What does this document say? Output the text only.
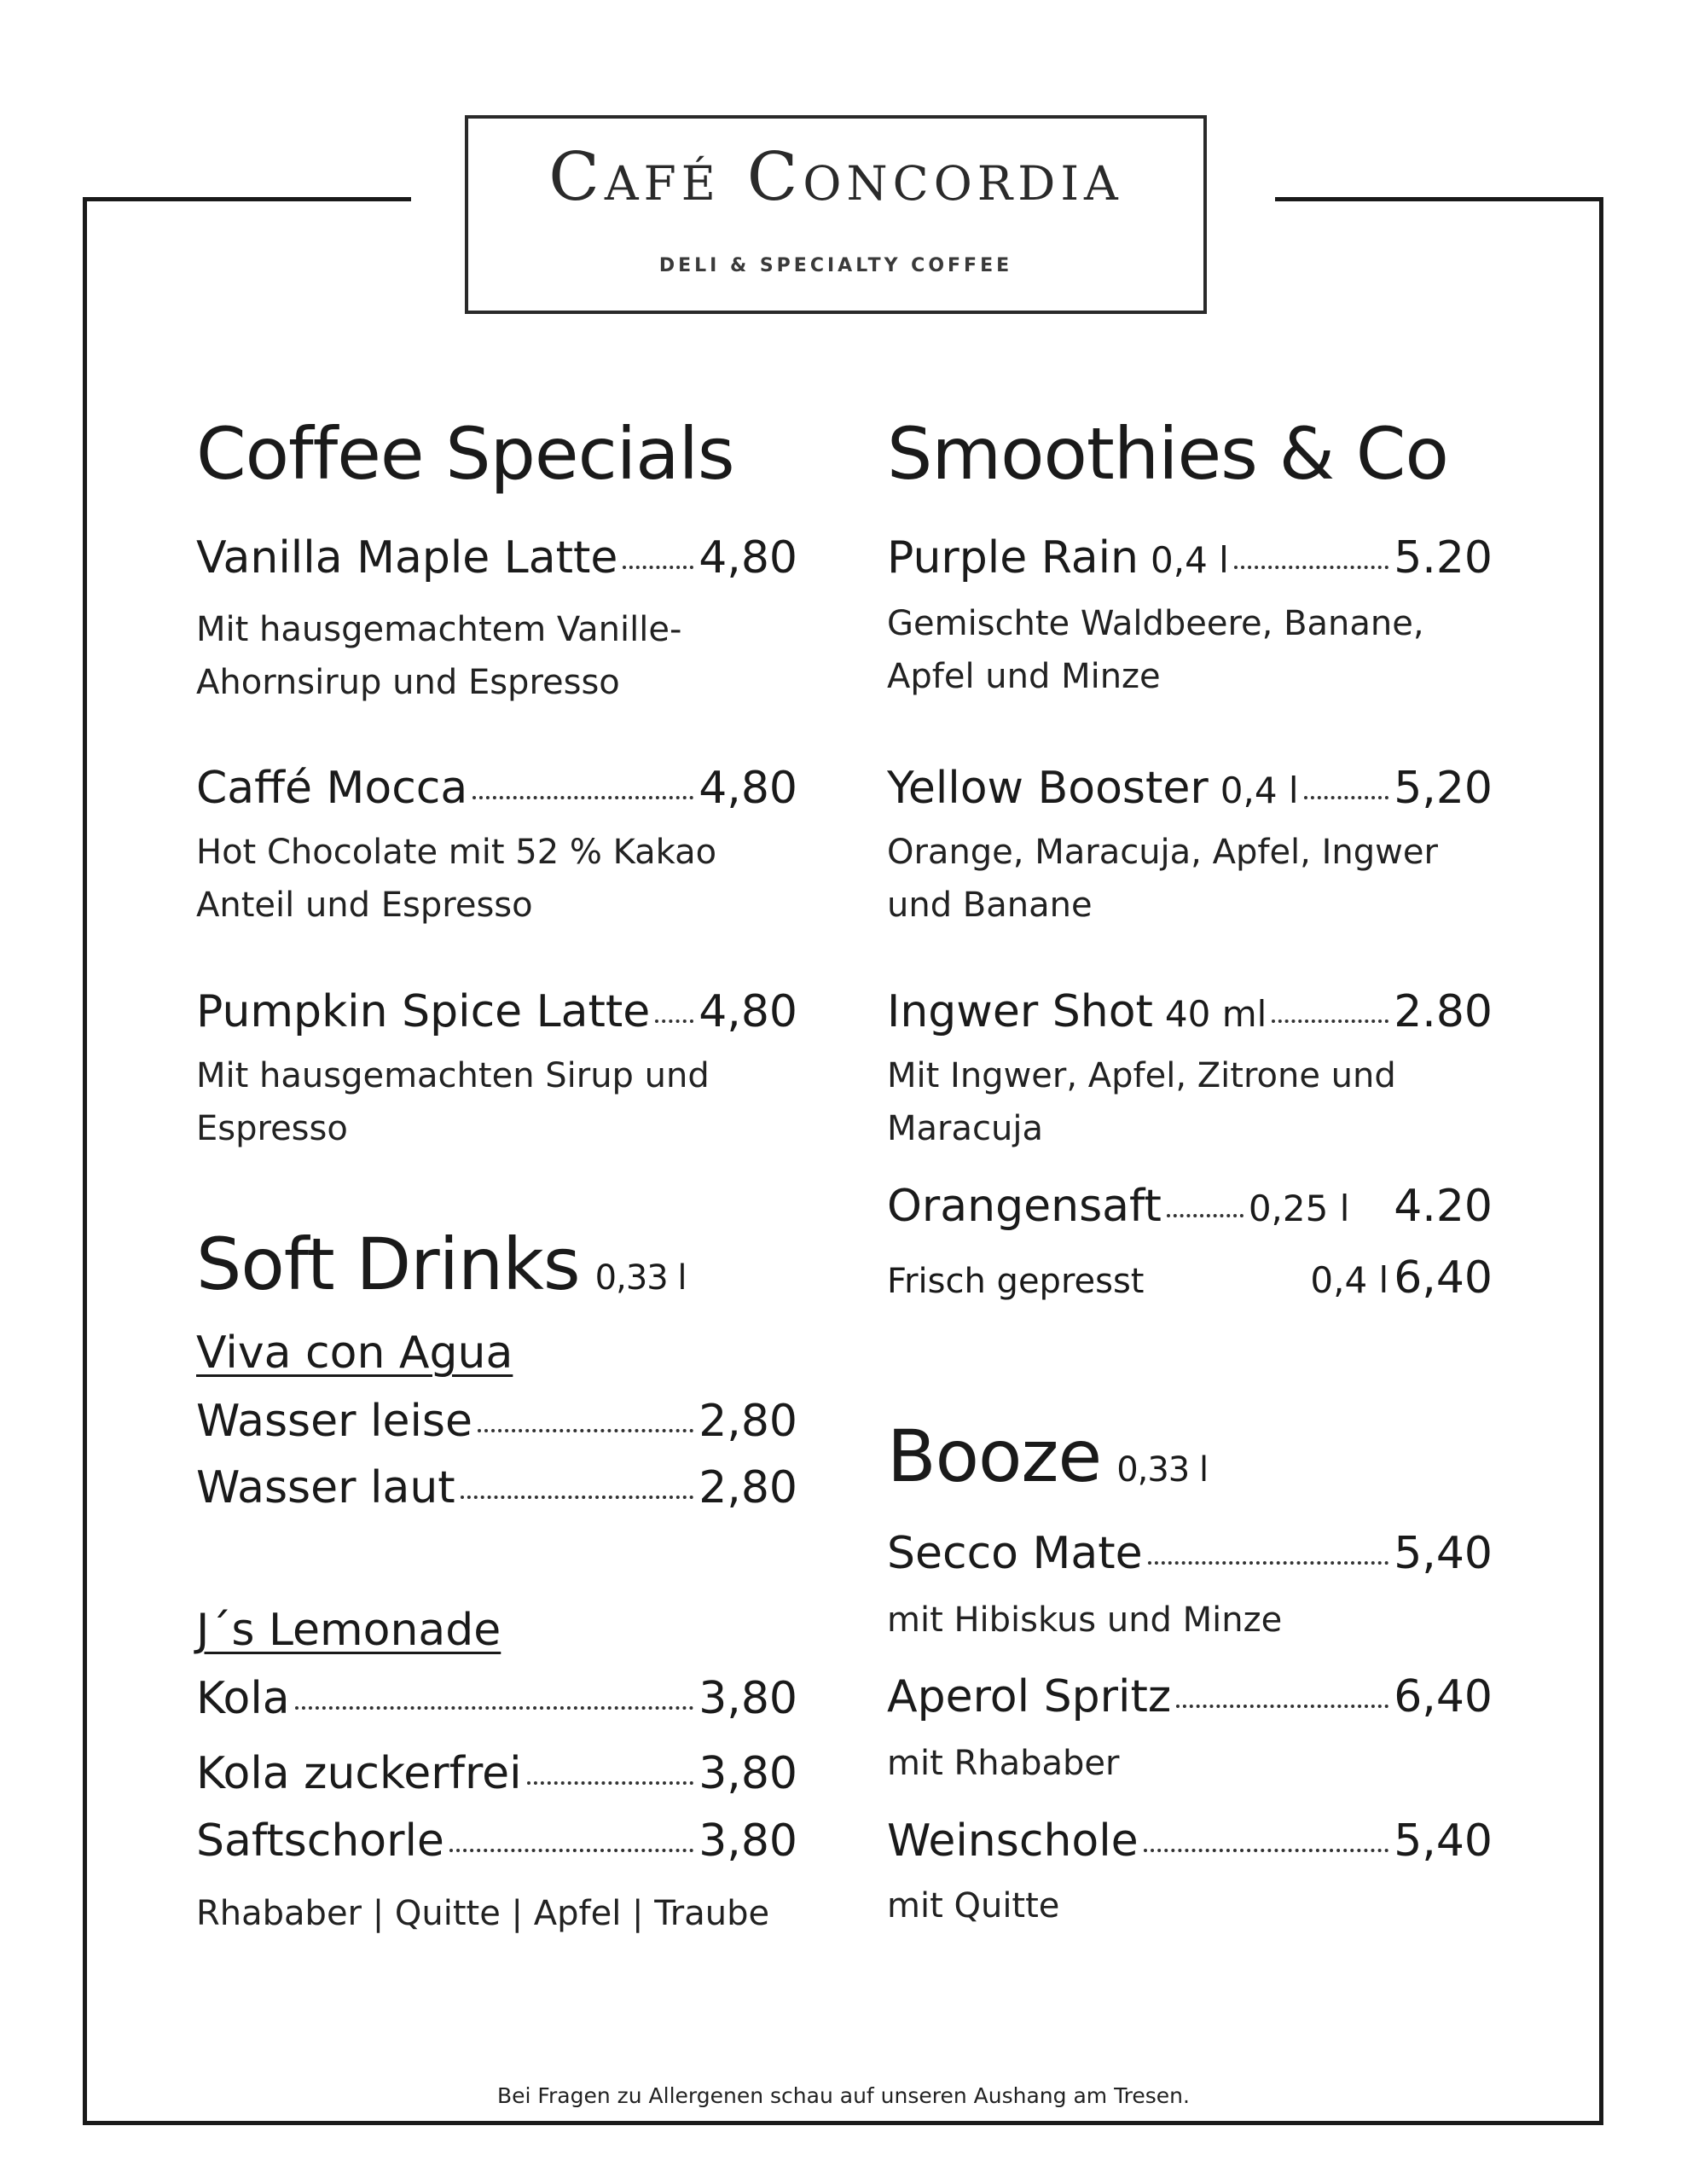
Café Concordia
DELI & SPECIALTY COFFEE
Coffee Specials
Vanilla Maple Latte 4,80
Mit hausgemachtem Vanille-
Ahornsirup und Espresso
Caffé Mocca	4,80
Hot Chocolate mit 52 % Kakao
Anteil und Espresso
Pumpkin Spice Latte 4,80
Mit hausgemachten Sirup und
Espresso
Soft Drinks 0,33 l
Viva con Agua
Wasser leise	2,80
Wasser laut	2,80
J´s Lemonade
Kola	3,80
Kola zuckerfrei	3,80
Saftschorle	3,80
Rhababer | Quitte | Apfel | Traube
Smoothies & Co
Purple Rain 0,4 l	5.20
Gemischte Waldbeere, Banane,
Apfel und Minze
Yellow Booster 0,4 l 5,20
Orange, Maracuja, Apfel, Ingwer
und Banane
Ingwer Shot 40 ml	2.80
Mit Ingwer, Apfel, Zitrone und
Maracuja
Orangensaft 0,25 l 4.20
Frisch gepresst	0,4 l 6,40
Booze 0,33 l
Secco Mate	5,40
mit Hibiskus und Minze
Aperol Spritz	6,40
mit Rhababer
Weinschole	5,40
mit Quitte
Bei Fragen zu Allergenen schau auf unseren Aushang am Tresen.
